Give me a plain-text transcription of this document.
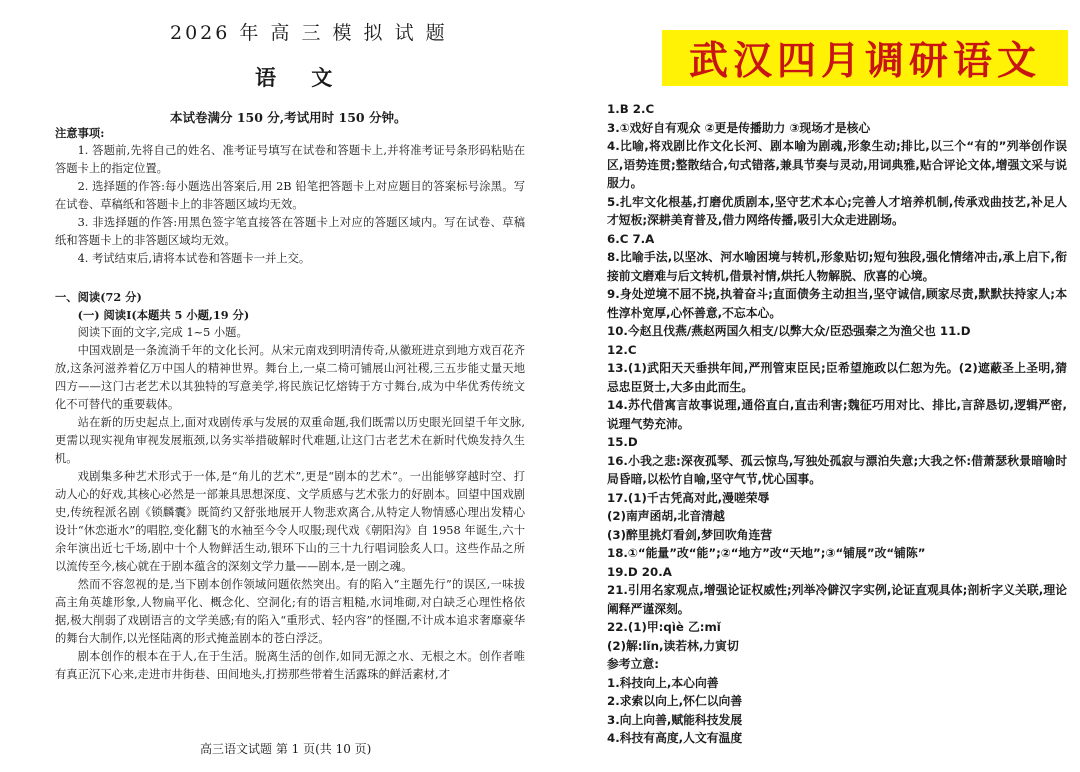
2026 年 高 三 模 拟 试 题
语 文
本试卷满分 150 分,考试用时 150 分钟。

注意事项:

1. 答题前,先将自己的姓名、准考证号填写在试卷和答题卡上,并将准考证号条形码粘贴在答题卡上的指定位置。

2. 选择题的作答:每小题选出答案后,用 2B 铅笔把答题卡上对应题目的答案标号涂黑。写在试卷、草稿纸和答题卡上的非答题区域均无效。

3. 非选择题的作答:用黑色签字笔直接答在答题卡上对应的答题区域内。写在试卷、草稿纸和答题卡上的非答题区域均无效。

4. 考试结束后,请将本试卷和答题卡一并上交。

一、阅读(72 分)

(一) 阅读Ⅰ(本题共 5 小题,19 分)

阅读下面的文字,完成 1~5 小题。

中国戏剧是一条流淌千年的文化长河。从宋元南戏到明清传奇,从徽班进京到地方戏百花齐放,这条河滋养着亿万中国人的精神世界。舞台上,一桌二椅可铺展山河社稷,三五步能丈量天地四方——这门古老艺术以其独特的写意美学,将民族记忆熔铸于方寸舞台,成为中华优秀传统文化不可替代的重要载体。

站在新的历史起点上,面对戏剧传承与发展的双重命题,我们既需以历史眼光回望千年文脉,更需以现实视角审视发展瓶颈,以务实举措破解时代难题,让这门古老艺术在新时代焕发持久生机。

戏剧集多种艺术形式于一体,是“角儿的艺术”,更是“剧本的艺术”。一出能够穿越时空、打动人心的好戏,其核心必然是一部兼具思想深度、文学质感与艺术张力的好剧本。回望中国戏剧史,传统程派名剧《锁麟囊》既简约又舒张地展开人物悲欢离合,从特定人物情感心理出发精心设计“休恋逝水”的唱腔,变化翻飞的水袖至今令人叹服;现代戏《朝阳沟》自 1958 年诞生,六十余年演出近七千场,剧中十个人物鲜活生动,银环下山的三十九行唱词脍炙人口。这些作品之所以流传至今,核心就在于剧本蕴含的深刻文学力量——剧本,是一剧之魂。

然而不容忽视的是,当下剧本创作领域问题依然突出。有的陷入“主题先行”的误区,一味拔高主角英雄形象,人物扁平化、概念化、空洞化;有的语言粗糙,水词堆砌,对白缺乏心理性格依据,极大削弱了戏剧语言的文学美感;有的陷入“重形式、轻内容”的怪圈,不计成本追求奢靡豪华的舞台大制作,以光怪陆离的形式掩盖剧本的苍白浮泛。

剧本创作的根本在于人,在于生活。脱离生活的创作,如同无源之水、无根之木。创作者唯有真正沉下心来,走进市井街巷、田间地头,打捞那些带着生活露珠的鲜活素材,才

高三语文试题 第 1 页(共 10 页)
武汉四月调研语文
1.B 2.C
3.①戏好自有观众 ②更是传播助力 ③现场才是核心
4.比喻,将戏剧比作文化长河、剧本喻为剧魂,形象生动;排比,以三个“有的”列举创作误区,语势连贯;整散结合,句式错落,兼具节奏与灵动,用词典雅,贴合评论文体,增强文采与说服力。
5.扎牢文化根基,打磨优质剧本,坚守艺术本心;完善人才培养机制,传承戏曲技艺,补足人才短板;深耕美育普及,借力网络传播,吸引大众走进剧场。
6.C 7.A
8.比喻手法,以坚冰、河水喻困境与转机,形象贴切;短句独段,强化情绪冲击,承上启下,衔接前文磨难与后文转机,借景衬情,烘托人物解脱、欣喜的心境。
9.身处逆境不屈不挠,执着奋斗;直面债务主动担当,坚守诚信,顾家尽责,默默扶持家人;本性淳朴宽厚,心怀善意,不忘本心。
10.今赵且伐燕/燕赵两国久相支/以弊大众/臣恐强秦之为渔父也 11.D
12.C
13.(1)武阳天天垂拱年间,严刑管束臣民;臣希望施政以仁恕为先。(2)遮蔽圣上圣明,猜忌忠臣贤士,大多由此而生。
14.苏代借寓言故事说理,通俗直白,直击利害;魏征巧用对比、排比,言辞恳切,逻辑严密,说理气势充沛。
15.D
16.小我之悲:深夜孤琴、孤云惊鸟,写独处孤寂与漂泊失意;大我之怀:借萧瑟秋景暗喻时局昏暗,以松竹自喻,坚守气节,忧心国事。
17.(1)千古凭高对此,漫嗟荣辱
(2)南声函胡,北音清越
(3)醉里挑灯看剑,梦回吹角连营
18.①“能量”改“能”;②“地方”改“天地”;③“铺展”改“铺陈”
19.D 20.A
21.引用名家观点,增强论证权威性;列举冷僻汉字实例,论证直观具体;剖析字义关联,理论阐释严谨深刻。
22.(1)甲:qìè 乙:mǐ
(2)解:lǐn,读若林,力寅切
参考立意:
1.科技向上,本心向善
2.求索以向上,怀仁以向善
3.向上向善,赋能科技发展
4.科技有高度,人文有温度
